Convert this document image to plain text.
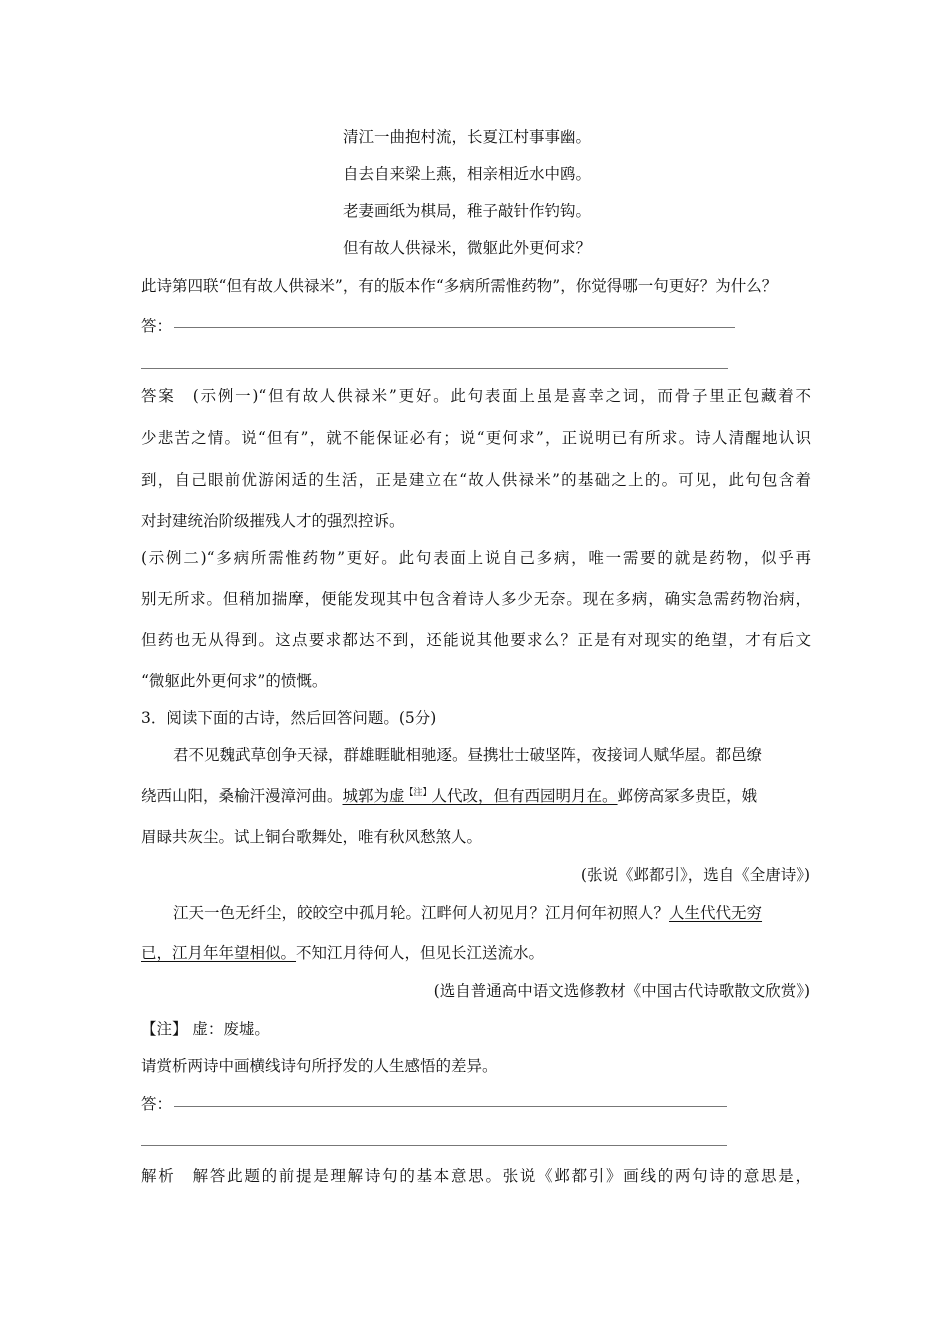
清江一曲抱村流，长夏江村事事幽。
自去自来梁上燕，相亲相近水中鸥。
老妻画纸为棋局，稚子敲针作钓钩。
但有故人供禄米，微躯此外更何求？
此诗第四联“但有故人供禄米”，有的版本作“多病所需惟药物”，你觉得哪一句更好？为什么？
答：
答案　(示例一)“但有故人供禄米”更好。此句表面上虽是喜幸之词，而骨子里正包藏着不
少悲苦之情。说“但有”，就不能保证必有；说“更何求”，正说明已有所求。诗人清醒地认识
到，自己眼前优游闲适的生活，正是建立在“故人供禄米”的基础之上的。可见，此句包含着
对封建统治阶级摧残人才的强烈控诉。
(示例二)“多病所需惟药物”更好。此句表面上说自己多病，唯一需要的就是药物，似乎再
别无所求。但稍加揣摩，便能发现其中包含着诗人多少无奈。现在多病，确实急需药物治病，
但药也无从得到。这点要求都达不到，还能说其他要求么？正是有对现实的绝望，才有后文
“微躯此外更何求”的愤慨。
3．阅读下面的古诗，然后回答问题。(5分)
君不见魏武草创争天禄，群雄睚眦相驰逐。昼携壮士破坚阵，夜接词人赋华屋。都邑缭
绕西山阳，桑榆汗漫漳河曲。城郭为虚$^{【注】}$人代改，但有西园明月在。邺傍高冢多贵臣，娥
眉睩共灰尘。试上铜台歌舞处，唯有秋风愁煞人。
(张说《邺都引》，选自《全唐诗》)
江天一色无纤尘，皎皎空中孤月轮。江畔何人初见月？江月何年初照人？人生代代无穷
已，江月年年望相似。不知江月待何人，但见长江送流水。
(选自普通高中语文选修教材《中国古代诗歌散文欣赏》)
【注】 虚：废墟。
请赏析两诗中画横线诗句所抒发的人生感悟的差异。
答：
解析　解答此题的前提是理解诗句的基本意思。张说《邺都引》画线的两句诗的意思是，
